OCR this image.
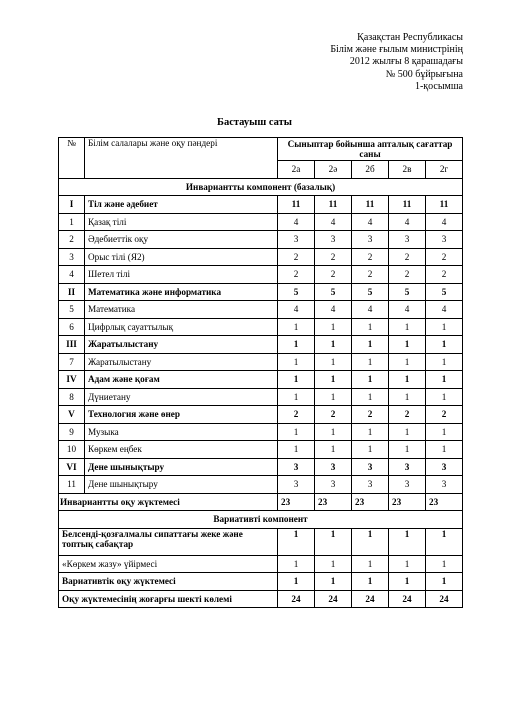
Қазақстан Республикасы
Білім және ғылым министрінің
2012 жылғы 8 қарашадағы
№ 500 бұйрығына
1-қосымша
Бастауыш саты
№	Білім салалары және оқу пәндері	Сыныптар бойынша апталық сағаттар саны				
		2а	2ә	2б	2в	2г
Инвариантты компонент (базалық)						
I	Тіл және әдебиет	11	11	11	11	11
1	Қазақ тілі	4	4	4	4	4
2	Әдебиеттік оқу	3	3	3	3	3
3	Орыс тілі (Я2)	2	2	2	2	2
4	Шетел тілі	2	2	2	2	2
II	Математика және информатика	5	5	5	5	5
5	Математика	4	4	4	4	4
6	Цифрлық сауаттылық	1	1	1	1	1
III	Жаратылыстану	1	1	1	1	1
7	Жаратылыстану	1	1	1	1	1
IV	Адам және қоғам	1	1	1	1	1
8	Дүниетану	1	1	1	1	1
V	Технология және өнер	2	2	2	2	2
9	Музыка	1	1	1	1	1
10	Көркем еңбек	1	1	1	1	1
VI	Дене шынықтыру	3	3	3	3	3
11	Дене шынықтыру	3	3	3	3	3
Инвариантты оқу жүктемесі		23	23	23	23	23
Вариативті компонент						
Белсенді-қозғалмалы сипаттағы жеке және топтық сабақтар		1	1	1	1	1
«Көркем жазу» үйірмесі		1	1	1	1	1
Вариативтік оқу жүктемесі		1	1	1	1	1
Оқу жүктемесінің жоғарғы шекті көлемі		24	24	24	24	24
